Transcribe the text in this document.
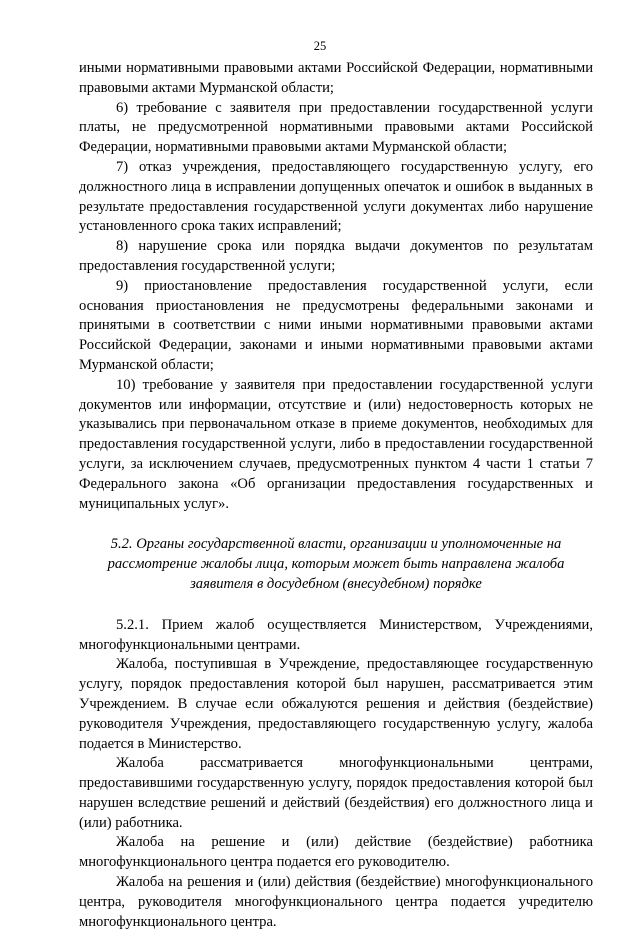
25

иными нормативными правовыми актами Российской Федерации, нормативными правовыми актами Мурманской области;

6) требование с заявителя при предоставлении государственной услуги платы, не предусмотренной нормативными правовыми актами Российской Федерации, нормативными правовыми актами Мурманской области;

7) отказ учреждения, предоставляющего государственную услугу, его должностного лица в исправлении допущенных опечаток и ошибок в выданных в результате предоставления государственной услуги документах либо нарушение установленного срока таких исправлений;

8) нарушение срока или порядка выдачи документов по результатам предоставления государственной услуги;

9) приостановление предоставления государственной услуги, если основания приостановления не предусмотрены федеральными законами и принятыми в соответствии с ними иными нормативными правовыми актами Российской Федерации, законами и иными нормативными правовыми актами Мурманской области;

10) требование у заявителя при предоставлении государственной услуги документов или информации, отсутствие и (или) недостоверность которых не указывались при первоначальном отказе в приеме документов, необходимых для предоставления государственной услуги, либо в предоставлении государственной услуги, за исключением случаев, предусмотренных пунктом 4 части 1 статьи 7 Федерального закона «Об организации предоставления государственных и муниципальных услуг».

5.2. Органы государственной власти, организации и уполномоченные на рассмотрение жалобы лица, которым может быть направлена жалоба заявителя в досудебном (внесудебном) порядке

5.2.1. Прием жалоб осуществляется Министерством, Учреждениями, многофункциональными центрами.

Жалоба, поступившая в Учреждение, предоставляющее государственную услугу, порядок предоставления которой был нарушен, рассматривается этим Учреждением. В случае если обжалуются решения и действия (бездействие) руководителя Учреждения, предоставляющего государственную услугу, жалоба подается в Министерство.

Жалоба рассматривается многофункциональными центрами, предоставившими государственную услугу, порядок предоставления которой был нарушен вследствие решений и действий (бездействия) его должностного лица и (или) работника.

Жалоба на решение и (или) действие (бездействие) работника многофункционального центра подается его руководителю.

Жалоба на решения и (или) действия (бездействие) многофункционального центра, руководителя многофункционального центра подается учредителю многофункционального центра.
